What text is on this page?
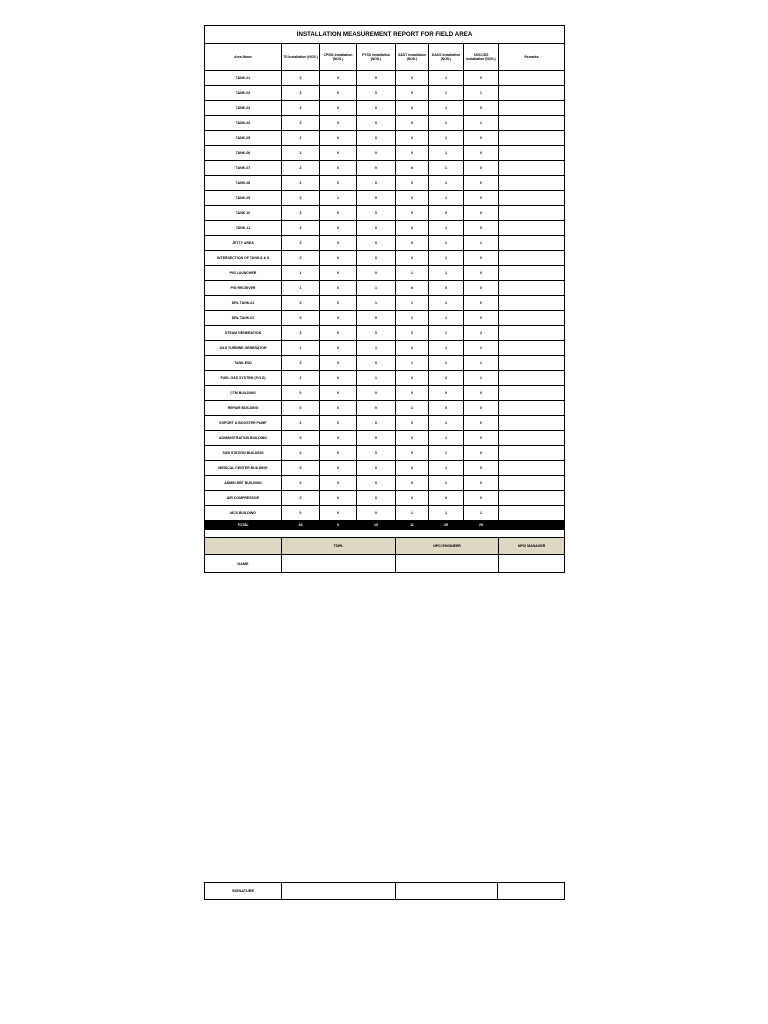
INSTALLATION MEASUREMENT REPORT FOR FIELD AREA							
Area Name	TS Installation (NOS.)	CPSIS Installation (NOS.)	PTSS Installation (NOS.)	SADT Installation (NOS.)	DADS Installation (NOS.)	SSSC/DS Installation (NOS.)	Remarks
TANK-01	2	0	0	0	1	0	
TANK-02	2	0	0	0	1	1	
TANK-03	2	0	0	0	1	0	
TANK-04	2	0	0	0	1	1	
TANK-05	2	0	0	0	1	0	
TANK-06	2	0	0	0	1	0	
TANK-07	2	0	0	0	1	0	
TANK-08	2	0	0	0	1	0	
TANK-09	2	1	0	0	1	0	
TANK-10	2	0	0	0	0	0	
TANK-11	2	0	0	0	1	0	
JETTY AREA	2	0	0	0	1	1	
INTERSECTION OF TANK-6 & 8	0	0	0	0	1	0	
PIG LAUNCHER	1	0	0	1	1	0	
PIG RECEIVER	1	0	1	0	0	0	
DRL TANK-01	0	0	1	1	1	0	
DRL TANK-02	0	0	0	1	1	0	
STEAM GENERATION	2	0	0	2	1	2	
GAS TURBINE GENERATOR	1	0	1	2	1	1	
TANK-ESD	2	0	0	1	1	1	
FUEL GAS SYSTEM (F.G.S)	2	0	1	0	2	1	
CTM BUILDING	0	0	0	0	0	0	
REPAIR BUILDING	0	0	0	1	0	0	
EXPORT & BOOSTER PUMP	2	0	0	0	1	0	
ADMINISTRATION BUILDING	0	0	0	0	1	0	
SUB STATION BUILDING	0	0	0	0	1	0	
MEDICAL CENTER BUILDING	0	0	0	0	1	0	
ADMIN RBT BUILDING	0	0	0	0	1	0	
AIR COMPRESSOR	0	0	0	0	0	0	
MCS BUILDING	0	0	0	1	1	1	
TOTAL	33	0	10	11	25	29	

	TSIPL			NPCI ENGINEER			NPCI MANAGER
NAME							
SIGNATURE			
